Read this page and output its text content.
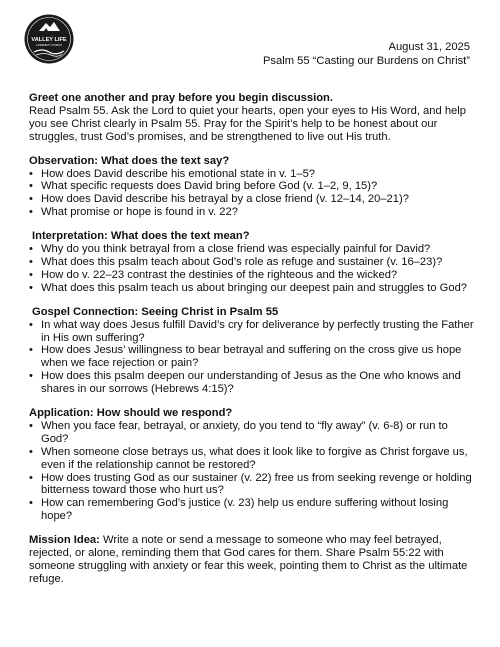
VALLEY LIFE
COMMUNITY CHURCH	August 31, 2025
Psalm 55 “Casting our Burdens on Christ”
Greet one another and pray before you begin discussion.
Read Psalm 55. Ask the Lord to quiet your hearts, open your eyes to His Word, and help you see Christ clearly in Psalm 55. Pray for the Spirit’s help to be honest about our struggles, trust God’s promises, and be strengthened to live out His truth.
Observation: What does the text say?
• How does David describe his emotional state in v. 1–5?
• What specific requests does David bring before God (v. 1–2, 9, 15)?
• How does David describe his betrayal by a close friend (v. 12–14, 20–21)?
• What promise or hope is found in v. 22?
Interpretation: What does the text mean?
• Why do you think betrayal from a close friend was especially painful for David?
• What does this psalm teach about God’s role as refuge and sustainer (v. 16–23)?
• How do v. 22–23 contrast the destinies of the righteous and the wicked?
• What does this psalm teach us about bringing our deepest pain and struggles to God?
Gospel Connection: Seeing Christ in Psalm 55
• In what way does Jesus fulfill David’s cry for deliverance by perfectly trusting the Father in His own suffering?
• How does Jesus’ willingness to bear betrayal and suffering on the cross give us hope when we face rejection or pain?
• How does this psalm deepen our understanding of Jesus as the One who knows and shares in our sorrows (Hebrews 4:15)?
Application: How should we respond?
• When you face fear, betrayal, or anxiety, do you tend to “fly away” (v. 6-8) or run to God?
• When someone close betrays us, what does it look like to forgive as Christ forgave us, even if the relationship cannot be restored?
• How does trusting God as our sustainer (v. 22) free us from seeking revenge or holding bitterness toward those who hurt us?
• How can remembering God’s justice (v. 23) help us endure suffering without losing hope?
Mission Idea: Write a note or send a message to someone who may feel betrayed, rejected, or alone, reminding them that God cares for them. Share Psalm 55:22 with someone struggling with anxiety or fear this week, pointing them to Christ as the ultimate refuge.
